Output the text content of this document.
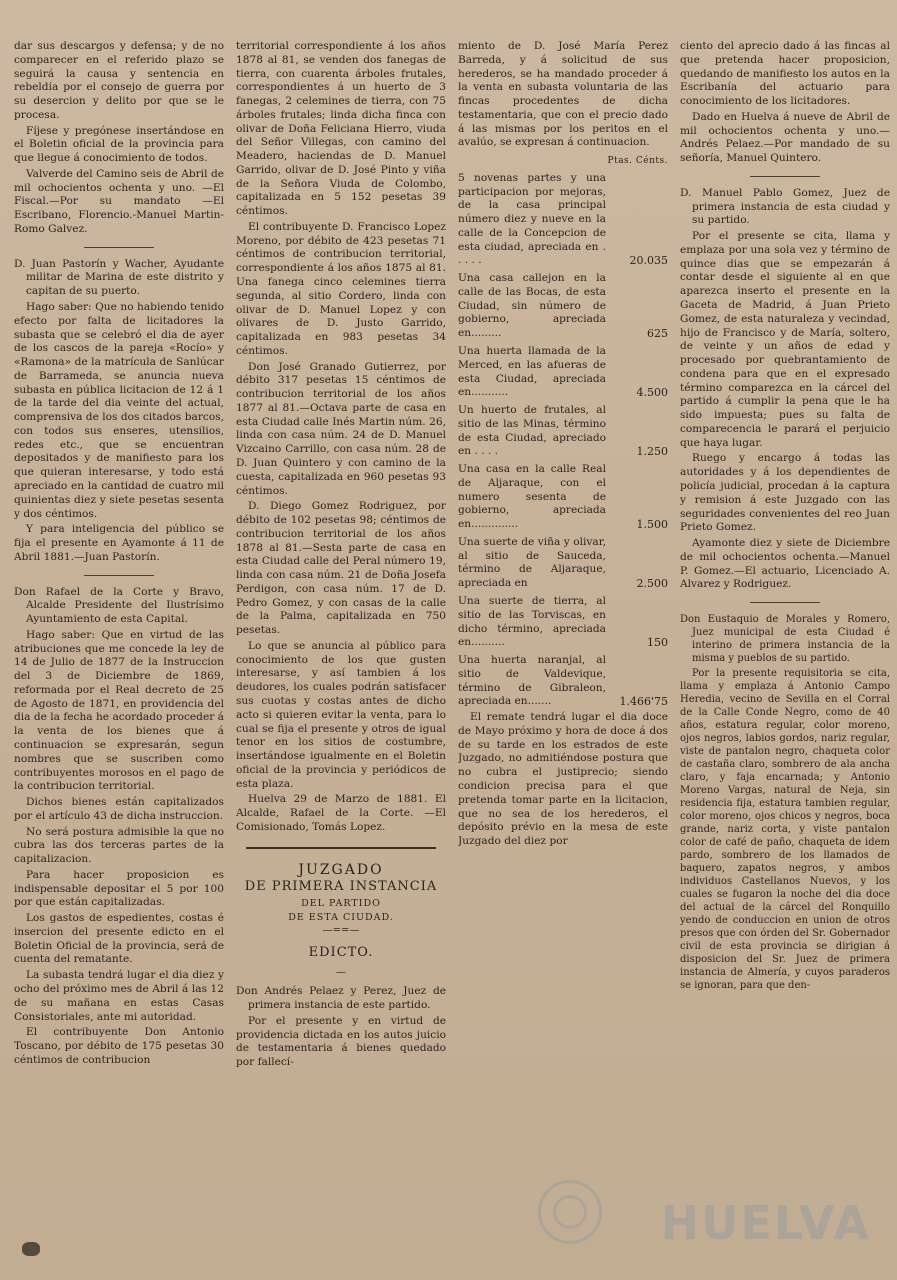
dar sus descargos y defensa; y de no comparecer en el referido plazo se seguirá la causa y sentencia en rebeldía por el consejo de guerra por su desercion y delito por que se le procesa.

Fíjese y pregónese insertándose en el Boletin oficial de la provincia para que llegue á conocimiento de todos.

Valverde del Camino seis de Abril de mil ochocientos ochenta y uno. —El Fiscal.—Por su mandato —El Escribano, Florencio.-Manuel Martin-Romo Galvez.

D. Juan Pastorín y Wacher, Ayudante militar de Marina de este distrito y capitan de su puerto.

Hago saber: Que no habiendo tenido efecto por falta de licitadores la subasta que se celebró el dia de ayer de los cascos de la pareja «Rocío» y «Ramona» de la matrícula de Sanlúcar de Barrameda, se anuncia nueva subasta en pública licitacion de 12 á 1 de la tarde del dia veinte del actual, comprensiva de los dos citados barcos, con todos sus enseres, utensilios, redes etc., que se encuentran depositados y de manifiesto para los que quieran interesarse, y todo está apreciado en la cantidad de cuatro mil quinientas diez y siete pesetas sesenta y dos céntimos.

Y para inteligencia del público se fija el presente en Ayamonte á 11 de Abril 1881.—Juan Pastorín.

Don Rafael de la Corte y Bravo, Alcalde Presidente del Ilustrísimo Ayuntamiento de esta Capital.

Hago saber: Que en virtud de las atribuciones que me concede la ley de 14 de Julio de 1877 de la Instruccion del 3 de Diciembre de 1869, reformada por el Real decreto de 25 de Agosto de 1871, en providencia del dia de la fecha he acordado proceder á la venta de los bienes que á continuacion se expresarán, segun nombres que se suscriben como contribuyentes morosos en el pago de la contribucion territorial.

Dichos bienes están capitalizados por el artículo 43 de dicha instruccion.

No será postura admisible la que no cubra las dos terceras partes de la capitalizacion.

Para hacer proposicion es indispensable depositar el 5 por 100 por que están capitalizadas.

Los gastos de espedientes, costas é insercion del presente edicto en el Boletin Oficial de la provincia, será de cuenta del rematante.

La subasta tendrá lugar el dia diez y ocho del próximo mes de Abril á las 12 de su mañana en estas Casas Consistoriales, ante mi autoridad.

El contribuyente Don Antonio Toscano, por débito de 175 pesetas 30 céntimos de contribucion

territorial correspondiente á los años 1878 al 81, se venden dos fanegas de tierra, con cuarenta árboles frutales, correspondientes á un huerto de 3 fanegas, 2 celemines de tierra, con 75 árboles frutales; linda dicha finca con olivar de Doña Feliciana Hierro, viuda del Señor Villegas, con camino del Meadero, haciendas de D. Manuel Garrido, olivar de D. José Pinto y viña de la Señora Viuda de Colombo, capitalizada en 5 152 pesetas 39 céntimos.

El contribuyente D. Francisco Lopez Moreno, por débito de 423 pesetas 71 céntimos de contribucion territorial, correspondiente á los años 1875 al 81. Una fanega cinco celemines tierra segunda, al sitio Cordero, linda con olivar de D. Manuel Lopez y con olivares de D. Justo Garrido, capitalizada en 983 pesetas 34 céntimos.

Don José Granado Gutierrez, por débito 317 pesetas 15 céntimos de contribucion territorial de los años 1877 al 81.—Octava parte de casa en esta Ciudad calle Inés Martin núm. 26, linda con casa núm. 24 de D. Manuel Vizcaino Carrillo, con casa núm. 28 de D. Juan Quintero y con camino de la cuesta, capitalizada en 960 pesetas 93 céntimos.

D. Diego Gomez Rodriguez, por débito de 102 pesetas 98; céntimos de contribucion territorial de los años 1878 al 81.—Sesta parte de casa en esta Ciudad calle del Peral número 19, linda con casa núm. 21 de Doña Josefa Perdigon, con casa núm. 17 de D. Pedro Gomez, y con casas de la calle de la Palma, capitalizada en 750 pesetas.

Lo que se anuncia al público para conocimiento de los que gusten interesarse, y así tambien á los deudores, los cuales podrán satisfacer sus cuotas y costas antes de dicho acto si quieren evitar la venta, para lo cual se fija el presente y otros de igual tenor en los sitios de costumbre, insertándose igualmente en el Boletin oficial de la provincia y periódicos de esta plaza.

Huelva 29 de Marzo de 1881. El Alcalde, Rafael de la Corte. —El Comisionado, Tomás Lopez.

JUZGADO
DE PRIMERA INSTANCIA
DEL PARTIDO
DE ESTA CIUDAD.
—==—
EDICTO.
—

Don Andrés Pelaez y Perez, Juez de primera instancia de este partido.

Por el presente y en virtud de providencia dictada en los autos juicio de testamentaria á bienes quedado por fallecí-

miento de D. José María Perez Barreda, y á solicitud de sus herederos, se ha mandado proceder á la venta en subasta voluntaria de las fincas procedentes de dicha testamentaria, que con el precio dado á las mismas por los peritos en el avalúo, se expresan á continuacion.

Ptas. Cénts.
5 novenas partes y una participacion por mejoras, de la casa principal número diez y nueve en la calle de la Concepcion de esta ciudad, apreciada en . . . . .	20.035
Una casa callejon en la calle de las Bocas, de esta Ciudad, sin número de gobierno, apreciada en.........	625
Una huerta llamada de la Merced, en las afueras de esta Ciudad, apreciada en...........	4.500
Un huerto de frutales, al sitio de las Minas, término de esta Ciudad, apreciado en . . . .	1.250
Una casa en la calle Real de Aljaraque, con el numero sesenta de gobierno, apreciada en..............	1.500
Una suerte de viña y olivar, al sitio de Sauceda, término de Aljaraque, apreciada en	2.500
Una suerte de tierra, al sitio de las Torviscas, en dicho término, apreciada en..........	150
Una huerta naranjal, al sitio de Valdevique, término de Gibraleon, apreciada en.......	1.466'75

El remate tendrá lugar el dia doce de Mayo próximo y hora de doce á dos de su tarde en los estrados de este Juzgado, no admitiéndose postura que no cubra el justiprecio; siendo condicion precisa para el que pretenda tomar parte en la licitacion, que no sea de los herederos, el depósito prévio en la mesa de este Juzgado del diez por

ciento del aprecio dado á las fincas al que pretenda hacer proposicion, quedando de manifiesto los autos en la Escribanía del actuario para conocimiento de los licitadores.

Dado en Huelva á nueve de Abril de mil ochocientos ochenta y uno.—Andrés Pelaez.—Por mandado de su señoría, Manuel Quintero.

D. Manuel Pablo Gomez, Juez de primera instancia de esta ciudad y su partido.

Por el presente se cita, llama y emplaza por una sola vez y término de quince dias que se empezarán á contar desde el siguiente al en que aparezca inserto el presente en la Gaceta de Madrid, á Juan Prieto Gomez, de esta naturaleza y vecindad, hijo de Francisco y de María, soltero, de veinte y un años de edad y procesado por quebrantamiento de condena para que en el expresado término comparezca en la cárcel del partido á cumplir la pena que le ha sido impuesta; pues su falta de comparecencia le parará el perjuicio que haya lugar.

Ruego y encargo á todas las autoridades y á los dependientes de policía judicial, procedan á la captura y remision á este Juzgado con las seguridades convenientes del reo Juan Prieto Gomez.

Ayamonte diez y siete de Diciembre de mil ochocientos ochenta.—Manuel P. Gomez.—El actuario, Licenciado A. Alvarez y Rodriguez.

Don Eustaquio de Morales y Romero, Juez municipal de esta Ciudad é interino de primera instancia de la misma y pueblos de su partido.

Por la presente requisitoria se cita, llama y emplaza á Antonio Campo Heredia, vecino de Sevilla en el Corral de la Calle Conde Negro, como de 40 años, estatura regular, color moreno, ojos negros, labios gordos, nariz regular, viste de pantalon negro, chaqueta color de castaña claro, sombrero de ala ancha claro, y faja encarnada; y Antonio Moreno Vargas, natural de Neja, sin residencia fija, estatura tambien regular, color moreno, ojos chicos y negros, boca grande, nariz corta, y viste pantalon color de café de paño, chaqueta de idem pardo, sombrero de los llamados de baquero, zapatos negros, y ambos individuos Castellanos Nuevos, y los cuales se fugaron la noche del dia doce del actual de la cárcel del Ronquillo yendo de conduccion en union de otros presos que con órden del Sr. Gobernador civil de esta provincia se dirigian á disposicion del Sr. Juez de primera instancia de Almería, y cuyos paraderos se ignoran, para que den-

HUELVA
